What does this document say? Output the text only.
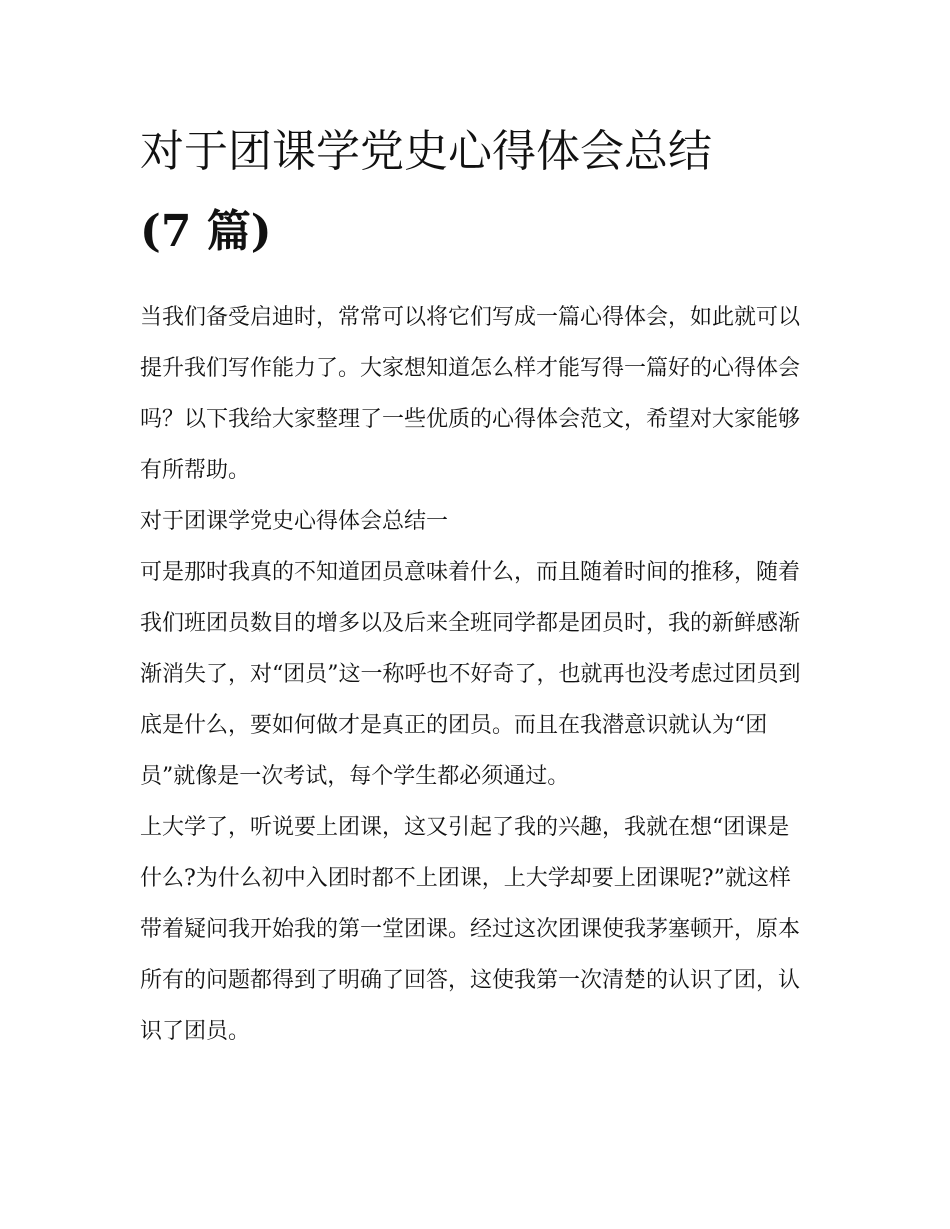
对于团课学党史心得体会总结
(7 篇)

当我们备受启迪时，常常可以将它们写成一篇心得体会，如此就可以提升我们写作能力了。大家想知道怎么样才能写得一篇好的心得体会吗？以下我给大家整理了一些优质的心得体会范文，希望对大家能够有所帮助。

对于团课学党史心得体会总结一

可是那时我真的不知道团员意味着什么，而且随着时间的推移，随着我们班团员数目的增多以及后来全班同学都是团员时，我的新鲜感渐渐消失了，对“团员”这一称呼也不好奇了，也就再也没考虑过团员到底是什么，要如何做才是真正的团员。而且在我潜意识就认为“团员”就像是一次考试，每个学生都必须通过。

上大学了，听说要上团课，这又引起了我的兴趣，我就在想“团课是什么?为什么初中入团时都不上团课，上大学却要上团课呢?”就这样带着疑问我开始我的第一堂团课。经过这次团课使我茅塞顿开，原本所有的问题都得到了明确了回答，这使我第一次清楚的认识了团，认识了团员。
